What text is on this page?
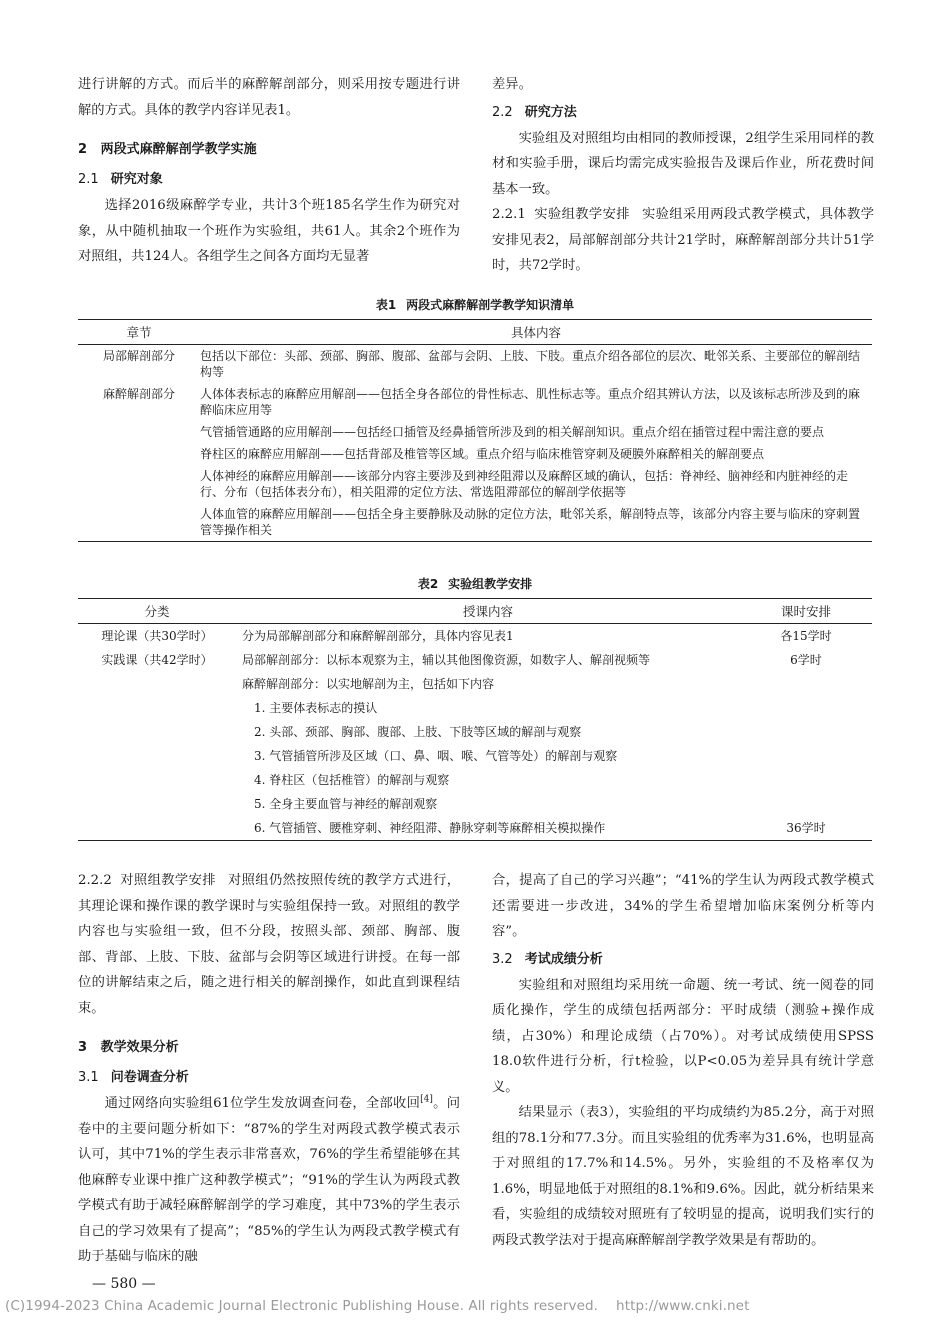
进行讲解的方式。而后半的麻醉解剖部分，则采用按专题进行讲解的方式。具体的教学内容详见表1。

2 两段式麻醉解剖学教学实施
2.1 研究对象

选择2016级麻醉学专业，共计3个班185名学生作为研究对象，从中随机抽取一个班作为实验组，共61人。其余2个班作为对照组，共124人。各组学生之间各方面均无显著

差异。

2.2 研究方法

实验组及对照组均由相同的教师授课，2组学生采用同样的教材和实验手册，课后均需完成实验报告及课后作业，所花费时间基本一致。

2.2.1 实验组教学安排 实验组采用两段式教学模式，具体教学安排见表2，局部解剖部分共计21学时，麻醉解剖部分共计51学时，共72学时。

表1 两段式麻醉解剖学教学知识清单
章节	具体内容
局部解剖部分	包括以下部位：头部、颈部、胸部、腹部、盆部与会阴、上肢、下肢。重点介绍各部位的层次、毗邻关系、主要部位的解剖结构等
麻醉解剖部分	人体体表标志的麻醉应用解剖——包括全身各部位的骨性标志、肌性标志等。重点介绍其辨认方法，以及该标志所涉及到的麻醉临床应用等
	气管插管通路的应用解剖——包括经口插管及经鼻插管所涉及到的相关解剖知识。重点介绍在插管过程中需注意的要点
	脊柱区的麻醉应用解剖——包括背部及椎管等区域。重点介绍与临床椎管穿刺及硬膜外麻醉相关的解剖要点
	人体神经的麻醉应用解剖——该部分内容主要涉及到神经阻滞以及麻醉区域的确认，包括：脊神经、脑神经和内脏神经的走行、分布（包括体表分布），相关阻滞的定位方法、常选阻滞部位的解剖学依据等
	人体血管的麻醉应用解剖——包括全身主要静脉及动脉的定位方法，毗邻关系，解剖特点等，该部分内容主要与临床的穿刺置管等操作相关
表2 实验组教学安排
分类	授课内容	课时安排
理论课（共30学时）	分为局部解剖部分和麻醉解剖部分，具体内容见表1	各15学时
实践课（共42学时）	局部解剖部分：以标本观察为主，辅以其他图像资源，如数字人、解剖视频等	6学时
	麻醉解剖部分：以实地解剖为主，包括如下内容	
	1. 主要体表标志的摸认	
	2. 头部、颈部、胸部、腹部、上肢、下肢等区域的解剖与观察	
	3. 气管插管所涉及区域（口、鼻、咽、喉、气管等处）的解剖与观察	
	4. 脊柱区（包括椎管）的解剖与观察	
	5. 全身主要血管与神经的解剖观察	
	6. 气管插管、腰椎穿刺、神经阻滞、静脉穿刺等麻醉相关模拟操作	36学时

2.2.2 对照组教学安排 对照组仍然按照传统的教学方式进行，其理论课和操作课的教学课时与实验组保持一致。对照组的教学内容也与实验组一致，但不分段，按照头部、颈部、胸部、腹部、背部、上肢、下肢、盆部与会阴等区域进行讲授。在每一部位的讲解结束之后，随之进行相关的解剖操作，如此直到课程结束。

3 教学效果分析
3.1 问卷调查分析

通过网络向实验组61位学生发放调查问卷，全部收回[4]。问卷中的主要问题分析如下：“87%的学生对两段式教学模式表示认可，其中71%的学生表示非常喜欢，76%的学生希望能够在其他麻醉专业课中推广这种教学模式”；“91%的学生认为两段式教学模式有助于减轻麻醉解剖学的学习难度，其中73%的学生表示自己的学习效果有了提高”；“85%的学生认为两段式教学模式有助于基础与临床的融

合，提高了自己的学习兴趣”；“41%的学生认为两段式教学模式还需要进一步改进，34%的学生希望增加临床案例分析等内容”。

3.2 考试成绩分析

实验组和对照组均采用统一命题、统一考试、统一阅卷的同质化操作，学生的成绩包括两部分：平时成绩（测验+操作成绩，占30%）和理论成绩（占70%）。对考试成绩使用SPSS 18.0软件进行分析，行t检验，以P<0.05为差异具有统计学意义。

结果显示（表3），实验组的平均成绩约为85.2分，高于对照组的78.1分和77.3分。而且实验组的优秀率为31.6%，也明显高于对照组的17.7%和14.5%。另外，实验组的不及格率仅为1.6%，明显地低于对照组的8.1%和9.6%。因此，就分析结果来看，实验组的成绩较对照班有了较明显的提高，说明我们实行的两段式教学法对于提高麻醉解剖学教学效果是有帮助的。

— 580 —
(C)1994-2023 China Academic Journal Electronic Publishing House. All rights reserved. http://www.cnki.net
